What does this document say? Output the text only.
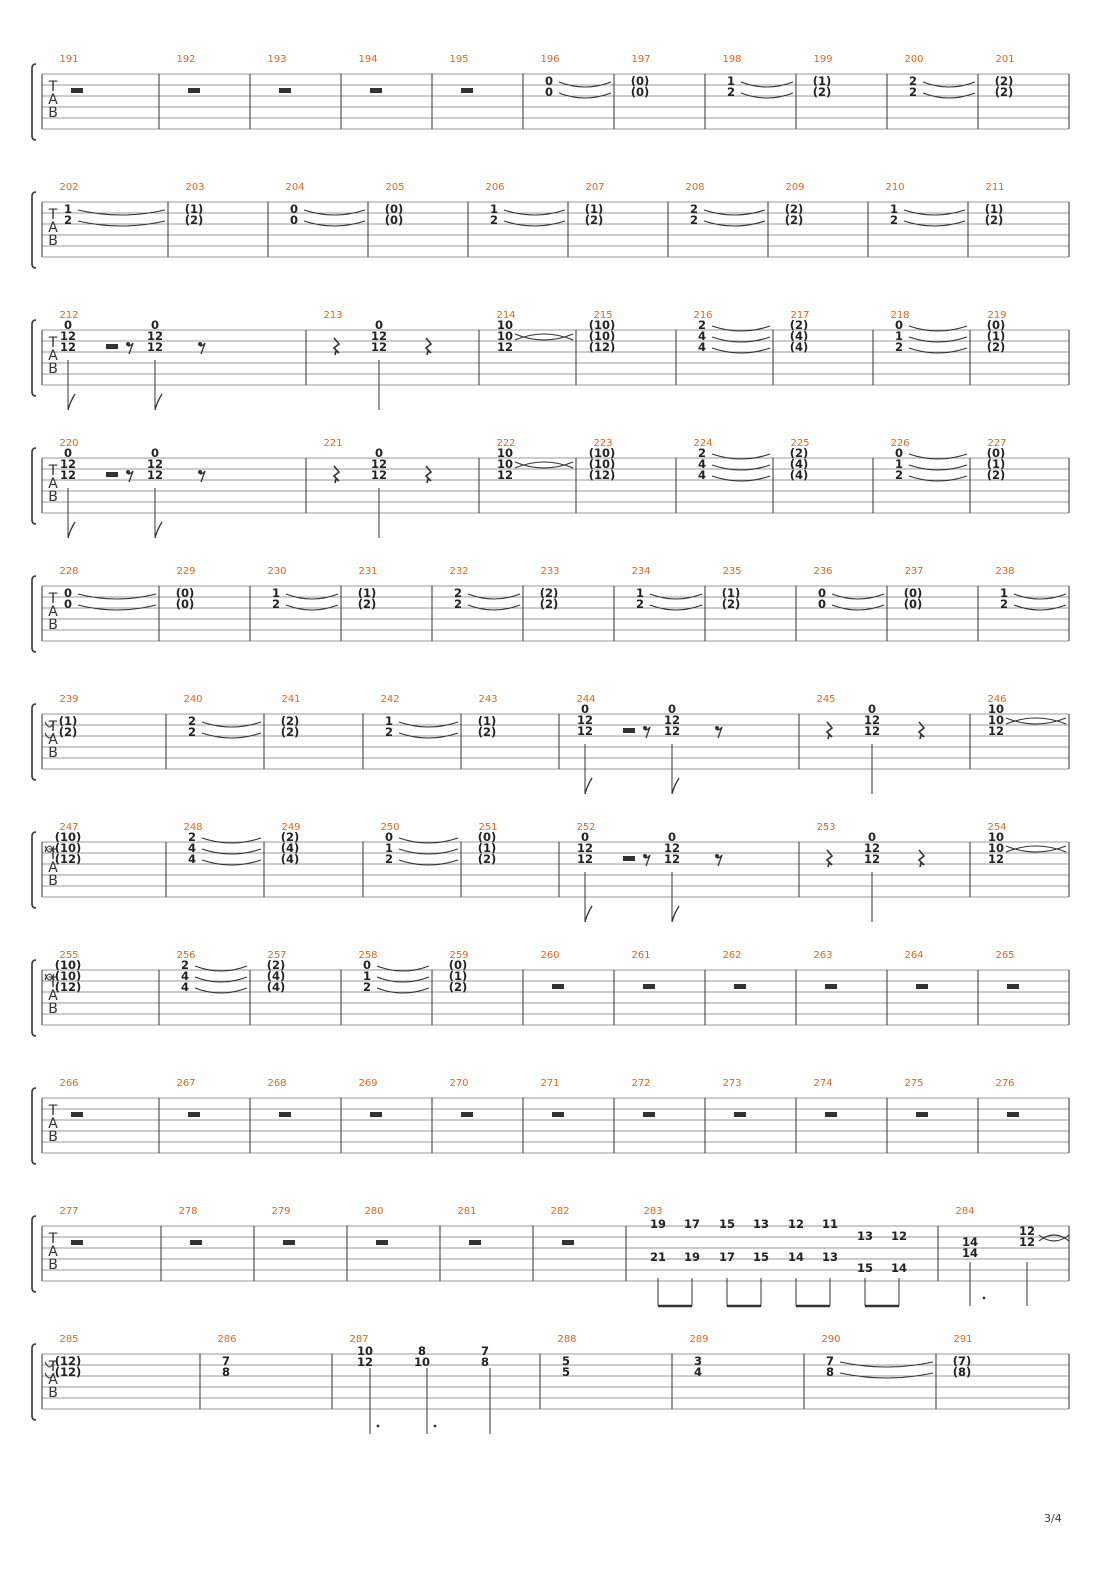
T
A
B
191	192	193	194	195	196	197	198	199	200	201
0
0
(0)
(0)
1
2
(1)
(2)
2
2
(2)
(2)
T
A
B
202	203	204	205	206	207	208	209	210	211
1
2
(1)
(2)
0
0
(0)
(0)
1
2
(1)
(2)
2
2
(2)
(2)
1
2
(1)
(2)
T
A
B
212	213	214	215	216	217	218	219
0
12
12
0
12
12
0
12
12
10
10
12
(10)
(10)
(12)
2
4
4
(2)
(4)
(4)
0
1
2
(0)
(1)
(2)
T
A
B
220	221	222	223	224	225	226	227
0
12
12
0
12
12
0
12
12
10
10
12
(10)
(10)
(12)
2
4
4
(2)
(4)
(4)
0
1
2
(0)
(1)
(2)
T
A
B
228	229	230	231	232	233	234	235	236	237	238
0
0
(0)
(0)
1
2
(1)
(2)
2
2
(2)
(2)
1
2
(1)
(2)
0
0
(0)
(0)
1
2
T
A
B
239	240	241	242	243	244	245	246
(1)
(2)
2
2
(2)
(2)
1
2
(1)
(2)
0
12
12
0
12
12
0
12
12
10
10
12
T
A
B
247	248	249	250	251	252	253	254
(10)
(10)
(12)
2
4
4
(2)
(4)
(4)
0
1
2
(0)
(1)
(2)
0
12
12
0
12
12
0
12
12
10
10
12
T
A
B
255	256	257	258	259	260	261	262	263	264	265
(10)
(10)
(12)
2
4
4
(2)
(4)
(4)
0
1
2
(0)
(1)
(2)
T
A
B
266	267	268	269	270	271	272	273	274	275	276
T
A
B
277	278	279	280	281	282	283	284
19
21
17
19
15
17
13
15
12
14
11
13
13
15
12
14
14
14
12
12
T
A
B
285	286	287	288	289	290	291
(12)
(12)
7
8
10
12
8
10
7
8	5
5
3
4
7
8
(7)
(8)
3/4
